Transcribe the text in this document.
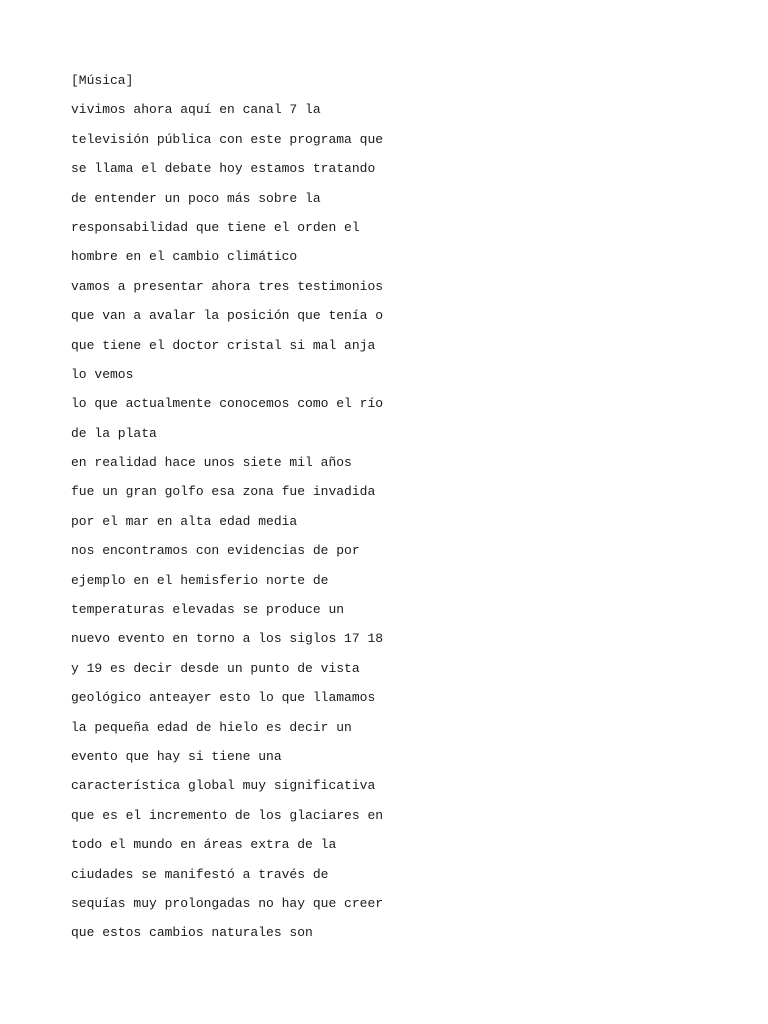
[Música]
vivimos ahora aquí en canal 7 la
televisión pública con este programa que
se llama el debate hoy estamos tratando
de entender un poco más sobre la
responsabilidad que tiene el orden el
hombre en el cambio climático
vamos a presentar ahora tres testimonios
que van a avalar la posición que tenía o
que tiene el doctor cristal si mal anja
lo vemos
lo que actualmente conocemos como el río
de la plata
en realidad hace unos siete mil años
fue un gran golfo esa zona fue invadida
por el mar en alta edad media
nos encontramos con evidencias de por
ejemplo en el hemisferio norte de
temperaturas elevadas se produce un
nuevo evento en torno a los siglos 17 18
y 19 es decir desde un punto de vista
geológico anteayer esto lo que llamamos
la pequeña edad de hielo es decir un
evento que hay si tiene una
característica global muy significativa
que es el incremento de los glaciares en
todo el mundo en áreas extra de la
ciudades se manifestó a través de
sequías muy prolongadas no hay que creer
que estos cambios naturales son
